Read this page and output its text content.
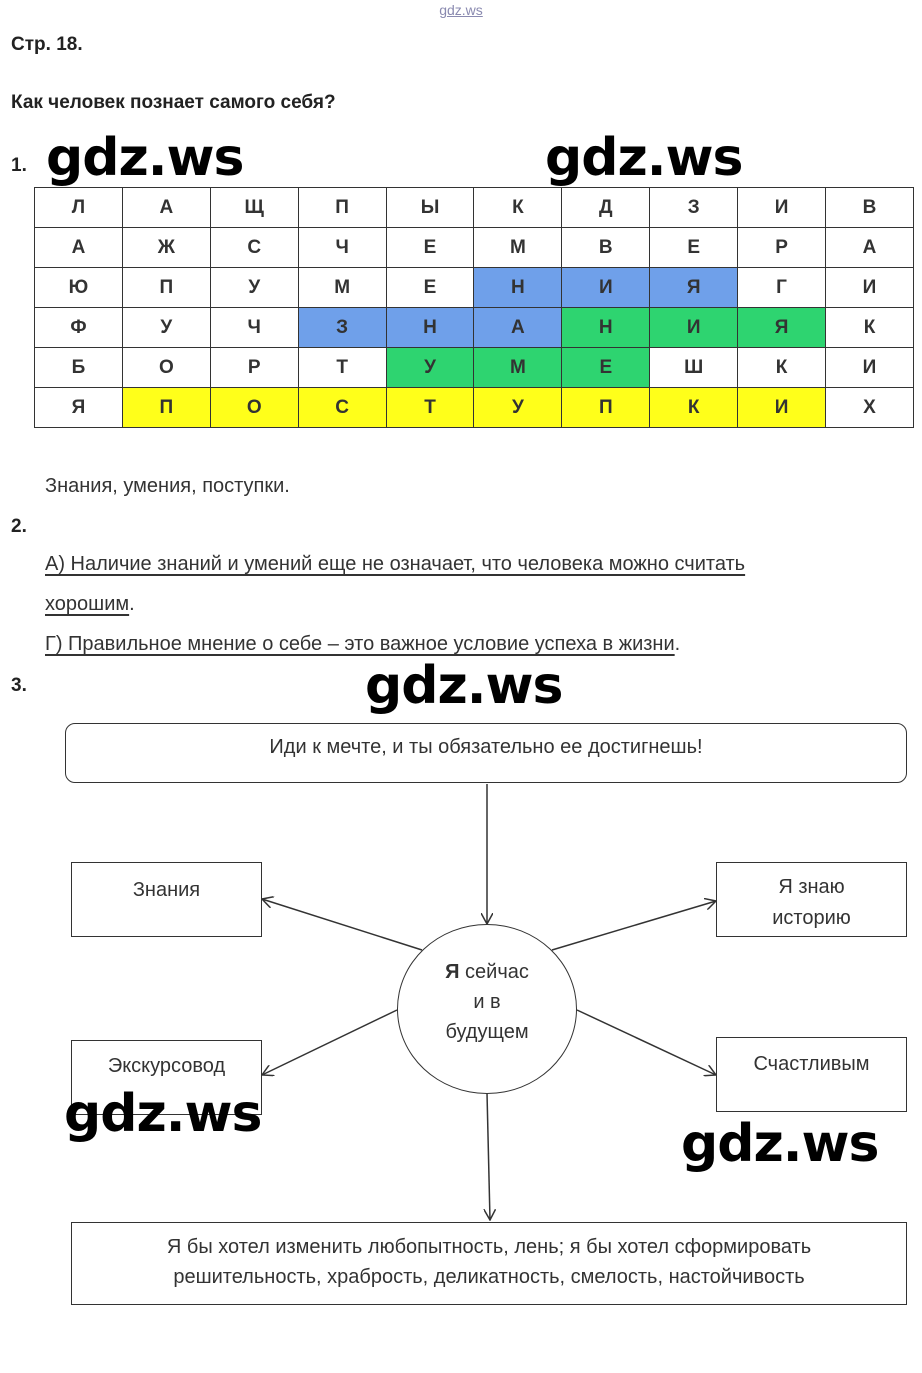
gdz.ws
Стр. 18.
Как человек познает самого себя?
gdz.ws	gdz.ws
gdz.ws
gdz.ws	gdz.ws
1.
Л	А	Щ	П	Ы	К	Д	З	И	В
А	Ж	С	Ч	Е	М	В	Е	Р	А
Ю	П	У	М	Е	Н	И	Я	Г	И
Ф	У	Ч	З	Н	А	Н	И	Я	К
Б	О	Р	Т	У	М	Е	Ш	К	И
Я	П	О	С	Т	У	П	К	И	Х
Знания, умения, поступки.
2.
А) Наличие знаний и умений еще не означает, что человека можно считать
хорошим.
Г) Правильное мнение о себе – это важное условие успеха в жизни.
3.
Иди к мечте, и ты обязательно ее достигнешь!
Я сейчас
и в
будущем
Знания	Я знаю
историю
Экскурсовод	Счастливым
Я бы хотел изменить любопытность, лень; я бы хотел сформировать
решительность, храбрость, деликатность, смелость, настойчивость
